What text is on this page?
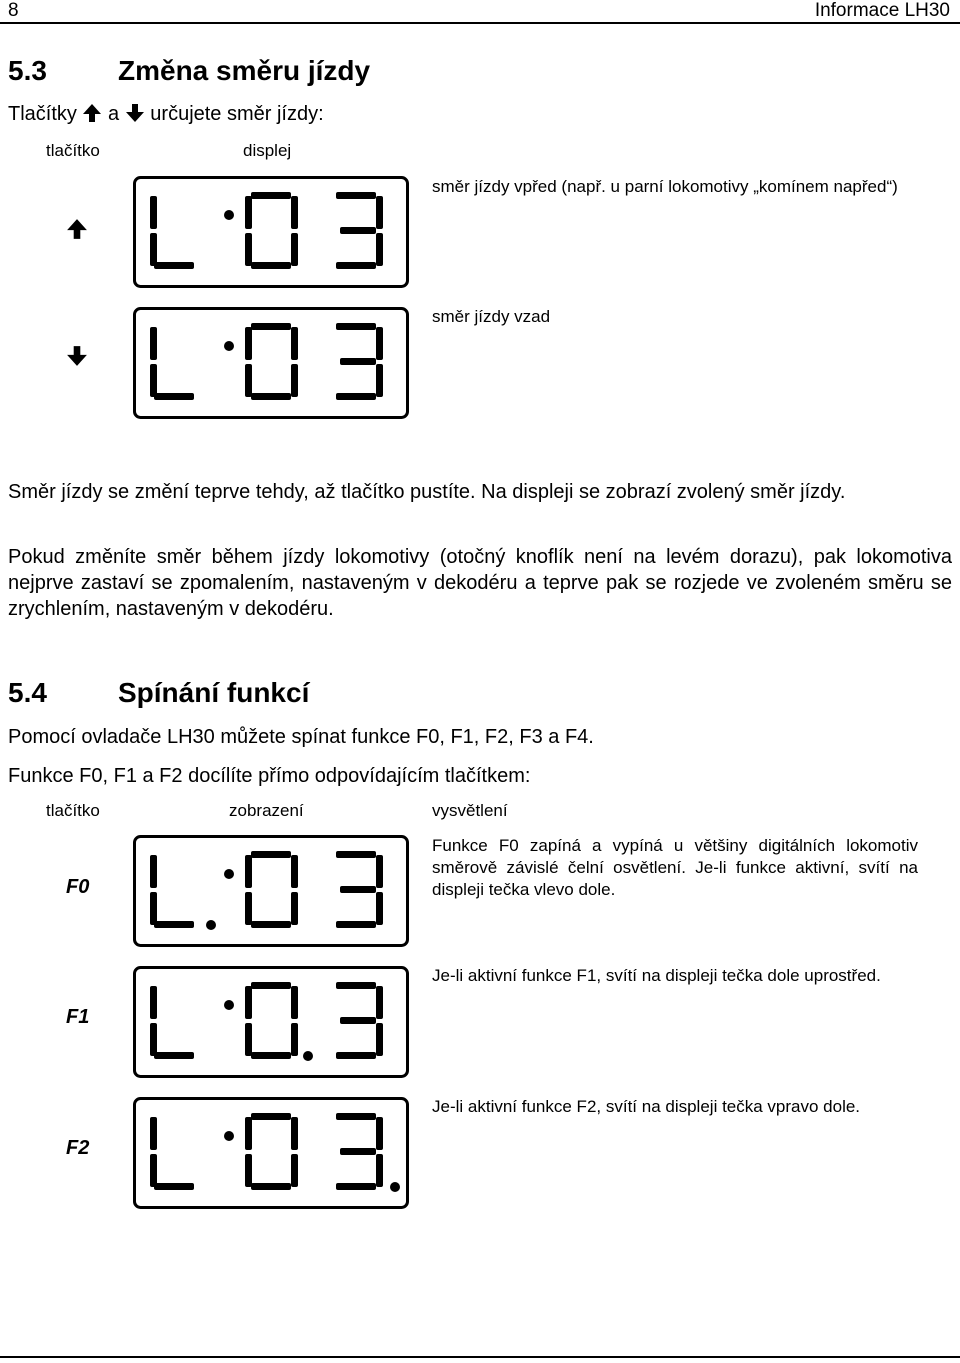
8	Informace LH30
5.3	Změna směru jízdy
Tlačítky a určujete směr jízdy:
tlačítko	displej
směr jízdy vpřed (např. u parní lokomotivy „komínem napřed“)
směr jízdy vzad
Směr jízdy se změní teprve tehdy, až tlačítko pustíte. Na displeji se zobrazí zvolený směr jízdy.
Pokud změníte směr během jízdy lokomotivy (otočný knoflík není na levém dorazu), pak lokomotiva nejprve zastaví se zpomalením, nastaveným v dekodéru a teprve pak se rozjede ve zvoleném směru se zrychlením, nastaveným v dekodéru.
5.4	Spínání funkcí
Pomocí ovladače LH30 můžete spínat funkce F0, F1, F2, F3 a F4.
Funkce F0, F1 a F2 docílíte přímo odpovídajícím tlačítkem:
tlačítko	zobrazení	vysvětlení
F0
Funkce F0 zapíná a vypíná u většiny digitálních lokomotiv směrově závislé čelní osvětlení. Je-li funkce aktivní, svítí na displeji tečka vlevo dole.
F1
Je-li aktivní funkce F1, svítí na displeji tečka dole uprostřed.
F2
Je-li aktivní funkce F2, svítí na displeji tečka vpravo dole.
